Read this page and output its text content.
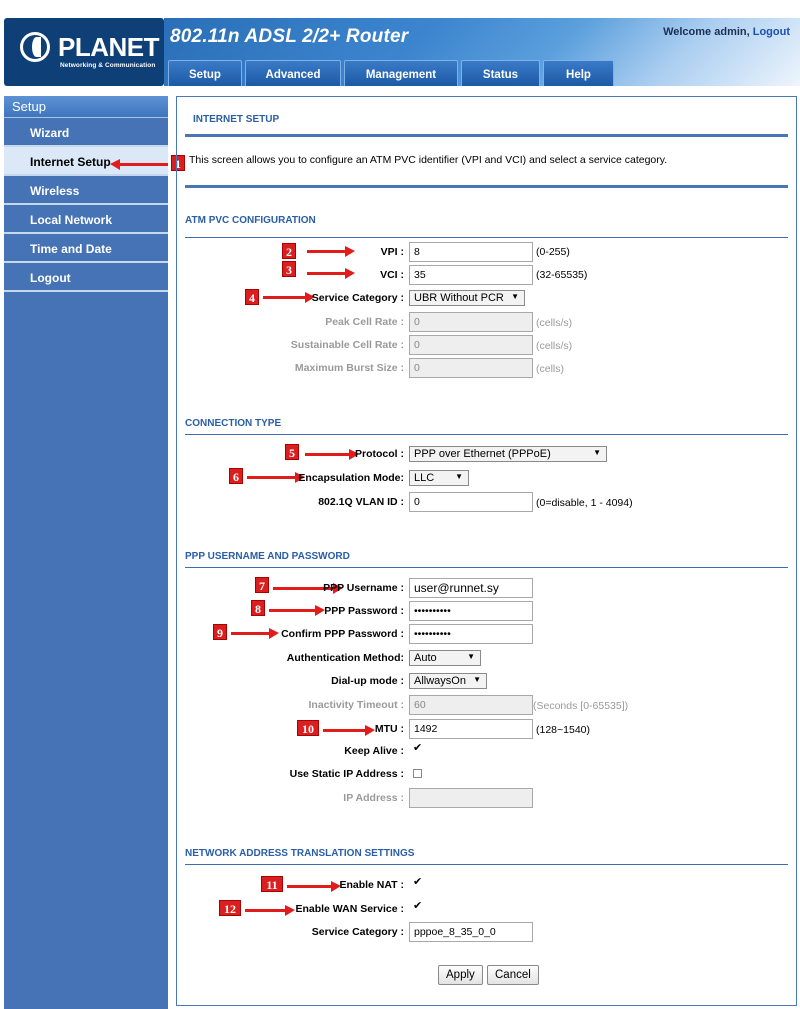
PLANET
Networking & Communication
802.11n ADSL 2/2+ Router	Welcome admin, Logout
Setup	Advanced	Management	Status	Help
Setup
Wizard
Internet Setup
Wireless
Local Network
Time and Date
Logout
1
INTERNET SETUP
This screen allows you to configure an ATM PVC identifier (VPI and VCI) and select a service category.
ATM PVC CONFIGURATION
2	VPI :
8	(0-255)
3	VCI :
35	(32-65535)
4	Service Category : UBR Without PCR ▼
Peak Cell Rate :
0	(cells/s)
Sustainable Cell Rate :
0	(cells/s)
Maximum Burst Size :
0	(cells)
CONNECTION TYPE
5	Protocol : PPP over Ethernet (PPPoE)	▼
6	Encapsulation Mode: LLC	▼
802.1Q VLAN ID :
0	(0=disable, 1 - 4094)
PPP USERNAME AND PASSWORD
7	PPP Username :
user@runnet.sy
8	PPP Password :
••••••••••
9	Confirm PPP Password :
••••••••••
Authentication Method: Auto	▼
Dial-up mode : AllwaysOn ▼
Inactivity Timeout :
60	(Seconds [0-65535])
10	MTU :
1492	(128~1540)
Keep Alive : ✔
Use Static IP Address :
IP Address :
NETWORK ADDRESS TRANSLATION SETTINGS
11	Enable NAT : ✔
12	Enable WAN Service : ✔
Service Category :
pppoe_8_35_0_0
Apply	Cancel
